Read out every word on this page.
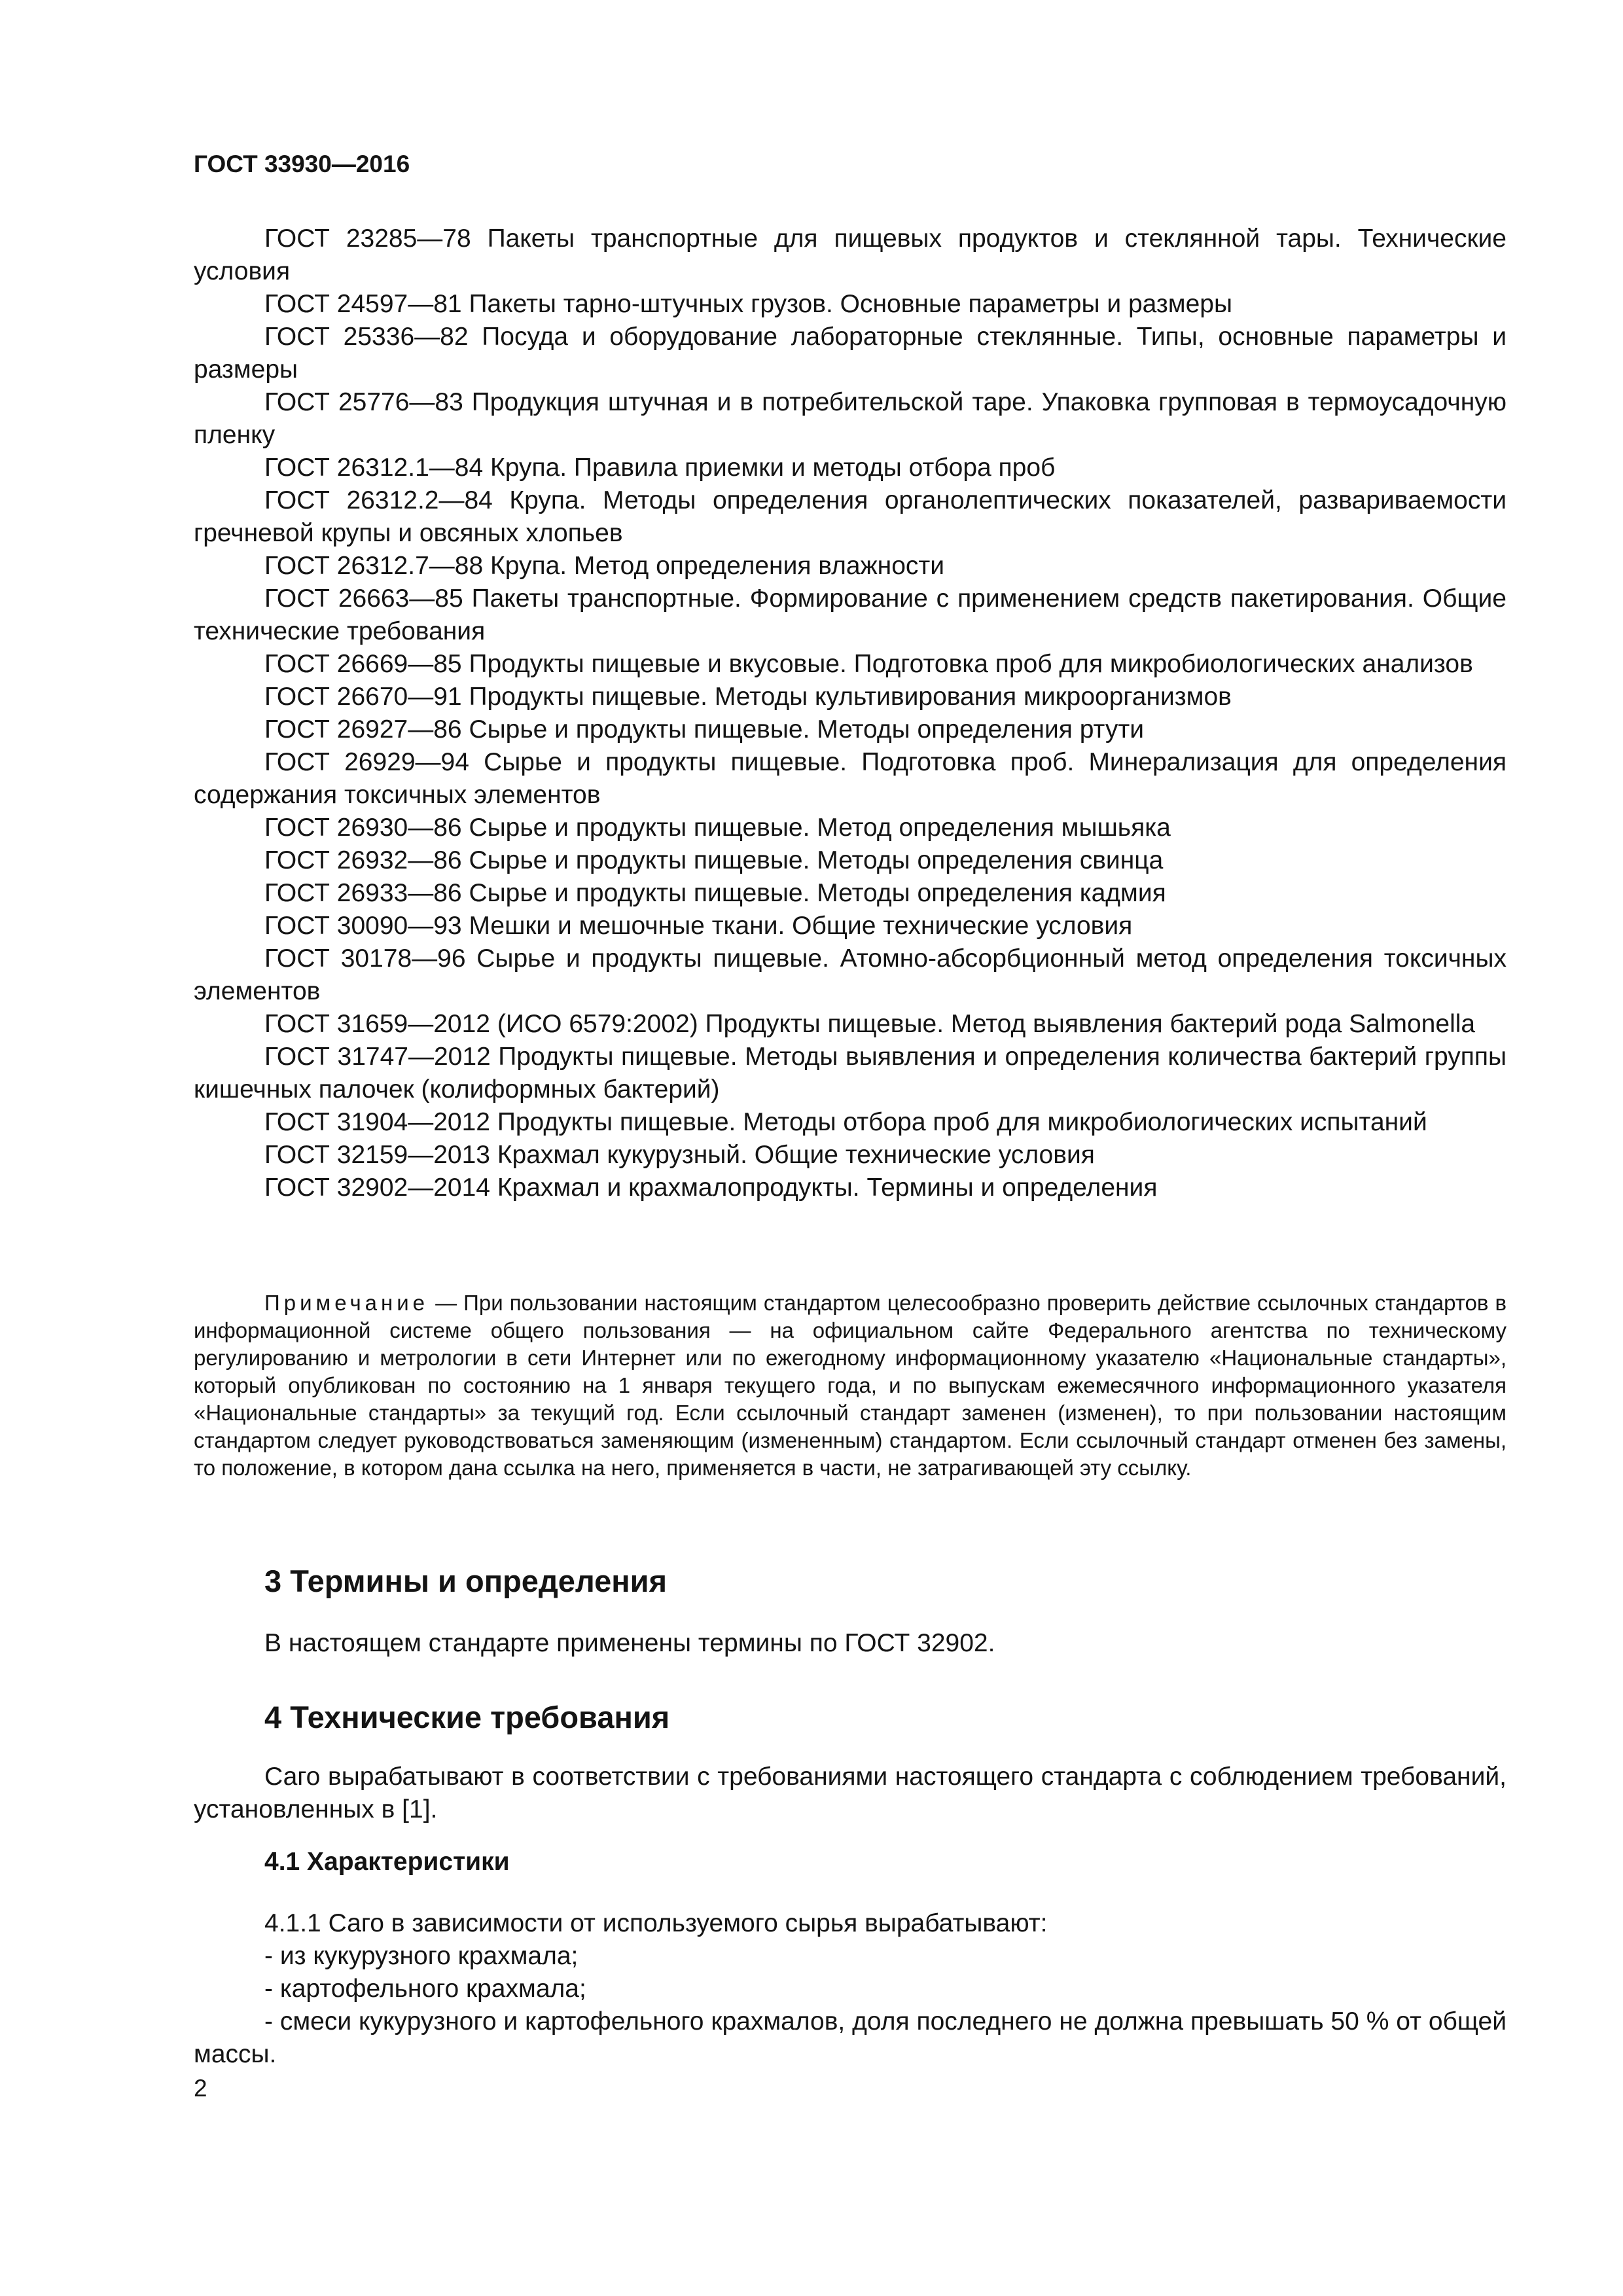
ГОСТ 33930—2016

ГОСТ 23285—78 Пакеты транспортные для пищевых продуктов и стеклянной тары. Технические условия

ГОСТ 24597—81 Пакеты тарно-штучных грузов. Основные параметры и размеры

ГОСТ 25336—82 Посуда и оборудование лабораторные стеклянные. Типы, основные параметры и размеры

ГОСТ 25776—83 Продукция штучная и в потребительской таре. Упаковка групповая в термоусадочную пленку

ГОСТ 26312.1—84 Крупа. Правила приемки и методы отбора проб

ГОСТ 26312.2—84 Крупа. Методы определения органолептических показателей, развариваемости гречневой крупы и овсяных хлопьев

ГОСТ 26312.7—88 Крупа. Метод определения влажности

ГОСТ 26663—85 Пакеты транспортные. Формирование с применением средств пакетирования. Общие технические требования

ГОСТ 26669—85 Продукты пищевые и вкусовые. Подготовка проб для микробиологических анализов

ГОСТ 26670—91 Продукты пищевые. Методы культивирования микроорганизмов

ГОСТ 26927—86 Сырье и продукты пищевые. Методы определения ртути

ГОСТ 26929—94 Сырье и продукты пищевые. Подготовка проб. Минерализация для определения содержания токсичных элементов

ГОСТ 26930—86 Сырье и продукты пищевые. Метод определения мышьяка

ГОСТ 26932—86 Сырье и продукты пищевые. Методы определения свинца

ГОСТ 26933—86 Сырье и продукты пищевые. Методы определения кадмия

ГОСТ 30090—93 Мешки и мешочные ткани. Общие технические условия

ГОСТ 30178—96 Сырье и продукты пищевые. Атомно-абсорбционный метод определения токсичных элементов

ГОСТ 31659—2012 (ИСО 6579:2002) Продукты пищевые. Метод выявления бактерий рода Salmonella

ГОСТ 31747—2012 Продукты пищевые. Методы выявления и определения количества бактерий группы кишечных палочек (колиформных бактерий)

ГОСТ 31904—2012 Продукты пищевые. Методы отбора проб для микробиологических испытаний

ГОСТ 32159—2013 Крахмал кукурузный. Общие технические условия

ГОСТ 32902—2014 Крахмал и крахмалопродукты. Термины и определения

Примечание — При пользовании настоящим стандартом целесообразно проверить действие ссылочных стандартов в информационной системе общего пользования — на официальном сайте Федерального агентства по техническому регулированию и метрологии в сети Интернет или по ежегодному информационному указателю «Национальные стандарты», который опубликован по состоянию на 1 января текущего года, и по выпускам ежемесячного информационного указателя «Национальные стандарты» за текущий год. Если ссылочный стандарт заменен (изменен), то при пользовании настоящим стандартом следует руководствоваться заменяющим (измененным) стандартом. Если ссылочный стандарт отменен без замены, то положение, в котором дана ссылка на него, применяется в части, не затрагивающей эту ссылку.

3 Термины и определения

В настоящем стандарте применены термины по ГОСТ 32902.

4 Технические требования

Саго вырабатывают в соответствии с требованиями настоящего стандарта с соблюдением требований, установленных в [1].

4.1 Характеристики

4.1.1 Саго в зависимости от используемого сырья вырабатывают:

- из кукурузного крахмала;

- картофельного крахмала;

- смеси кукурузного и картофельного крахмалов, доля последнего не должна превышать 50 % от общей массы.

2
